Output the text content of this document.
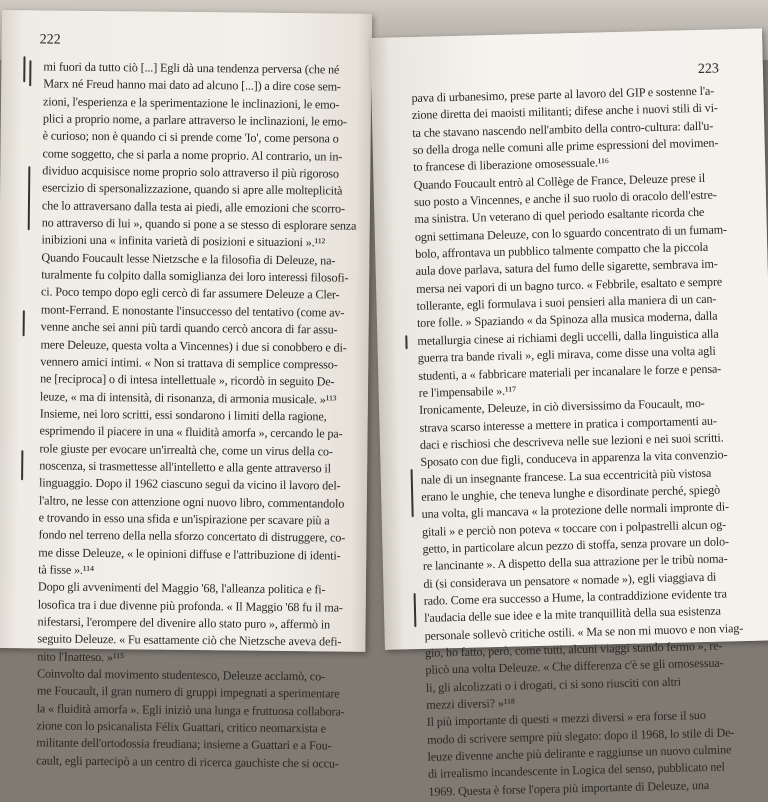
222
mi fuori da tutto ciò [...] Egli dà una tendenza perversa (che né
Marx né Freud hanno mai dato ad alcuno [...]) a dire cose sem-
zioni, l'esperienza e la sperimentazione le inclinazioni, le emo-
plici a proprio nome, a parlare attraverso le inclinazioni, le emo-
è curioso; non è quando ci si prende come 'Io', come persona o
come soggetto, che si parla a nome proprio. Al contrario, un in-
dividuo acquisisce nome proprio solo attraverso il più rigoroso
esercizio di spersonalizzazione, quando si apre alle molteplicità
che lo attraversano dalla testa ai piedi, alle emozioni che scorro-
no attraverso di lui », quando si pone a se stesso di esplorare senza
inibizioni una « infinita varietà di posizioni e situazioni ».¹¹²
Quando Foucault lesse Nietzsche e la filosofia di Deleuze, na-
turalmente fu colpito dalla somiglianza dei loro interessi filosofi-
ci. Poco tempo dopo egli cercò di far assumere Deleuze a Cler-
mont-Ferrand. E nonostante l'insuccesso del tentativo (come av-
venne anche sei anni più tardi quando cercò ancora di far assu-
mere Deleuze, questa volta a Vincennes) i due si conobbero e di-
vennero amici intimi. « Non si trattava di semplice compresso-
ne [reciproca] o di intesa intellettuale », ricordò in seguito De-
leuze, « ma di intensità, di risonanza, di armonia musicale. »¹¹³
Insieme, nei loro scritti, essi sondarono i limiti della ragione,
esprimendo il piacere in una « fluidità amorfa », cercando le pa-
role giuste per evocare un'irrealtà che, come un virus della co-
noscenza, si trasmettesse all'intelletto e alla gente attraverso il
linguaggio. Dopo il 1962 ciascuno seguì da vicino il lavoro del-
l'altro, ne lesse con attenzione ogni nuovo libro, commentandolo
e trovando in esso una sfida e un'ispirazione per scavare più a
fondo nel terreno della nella sforzo concertato di distruggere, co-
me disse Deleuze, « le opinioni diffuse e l'attribuzione di identi-
tà fisse ».¹¹⁴
Dopo gli avvenimenti del Maggio '68, l'alleanza politica e fi-
losofica tra i due divenne più profonda. « Il Maggio '68 fu il ma-
nifestarsi, l'erompere del divenire allo stato puro », affermò in
seguito Deleuze. « Fu esattamente ciò che Nietzsche aveva defi-
nito l'Inatteso. »¹¹⁵
Coinvolto dal movimento studentesco, Deleuze acclamò, co-
me Foucault, il gran numero di gruppi impegnati a sperimentare
la « fluidità amorfa ». Egli iniziò una lunga e fruttuosa collabora-
zione con lo psicanalista Félix Guattari, critico neomarxista e
militante dell'ortodossia freudiana; insieme a Guattari e a Fou-
cault, egli partecipò a un centro di ricerca gauchiste che si occu-
223
pava di urbanesimo, prese parte al lavoro del GIP e sostenne l'a-
zione diretta dei maoisti militanti; difese anche i nuovi stili di vi-
ta che stavano nascendo nell'ambito della contro-cultura: dall'u-
so della droga nelle comuni alle prime espressioni del movimen-
to francese di liberazione omosessuale.¹¹⁶
Quando Foucault entrò al Collège de France, Deleuze prese il
suo posto a Vincennes, e anche il suo ruolo di oracolo dell'estre-
ma sinistra. Un veterano di quel periodo esaltante ricorda che
ogni settimana Deleuze, con lo sguardo concentrato di un fumam-
bolo, affrontava un pubblico talmente compatto che la piccola
aula dove parlava, satura del fumo delle sigarette, sembrava im-
mersa nei vapori di un bagno turco. « Febbrile, esaltato e sempre
tollerante, egli formulava i suoi pensieri alla maniera di un can-
tore folle. » Spaziando « da Spinoza alla musica moderna, dalla
metallurgia cinese ai richiami degli uccelli, dalla linguistica alla
guerra tra bande rivali », egli mirava, come disse una volta agli
studenti, a « fabbricare materiali per incanalare le forze e pensa-
re l'impensabile ».¹¹⁷
Ironicamente, Deleuze, in ciò diversissimo da Foucault, mo-
strava scarso interesse a mettere in pratica i comportamenti au-
daci e rischiosi che descriveva nelle sue lezioni e nei suoi scritti.
Sposato con due figli, conduceva in apparenza la vita convenzio-
nale di un insegnante francese. La sua eccentricità più vistosa
erano le unghie, che teneva lunghe e disordinate perché, spiegò
una volta, gli mancava « la protezione delle normali impronte di-
gitali » e perciò non poteva « toccare con i polpastrelli alcun og-
getto, in particolare alcun pezzo di stoffa, senza provare un dolo-
re lancinante ». A dispetto della sua attrazione per le tribù noma-
di (si considerava un pensatore « nomade »), egli viaggiava di
rado. Come era successo a Hume, la contraddizione evidente tra
l'audacia delle sue idee e la mite tranquillità della sua esistenza
personale sollevò critiche ostili. « Ma se non mi muovo e non viag-
gio, ho fatto, però, come tutti, alcuni viaggi stando fermo », re-
plicò una volta Deleuze. « Che differenza c'è se gli omosessua-
li, gli alcolizzati o i drogati, ci si sono riusciti con altri
mezzi diversi? »¹¹⁸
Il più importante di questi « mezzi diversi » era forse il suo
modo di scrivere sempre più slegato: dopo il 1968, lo stile di De-
leuze divenne anche più delirante e raggiunse un nuovo culmine
di irrealismo incandescente in Logica del senso, pubblicato nel
1969. Questa è forse l'opera più importante di Deleuze, una
